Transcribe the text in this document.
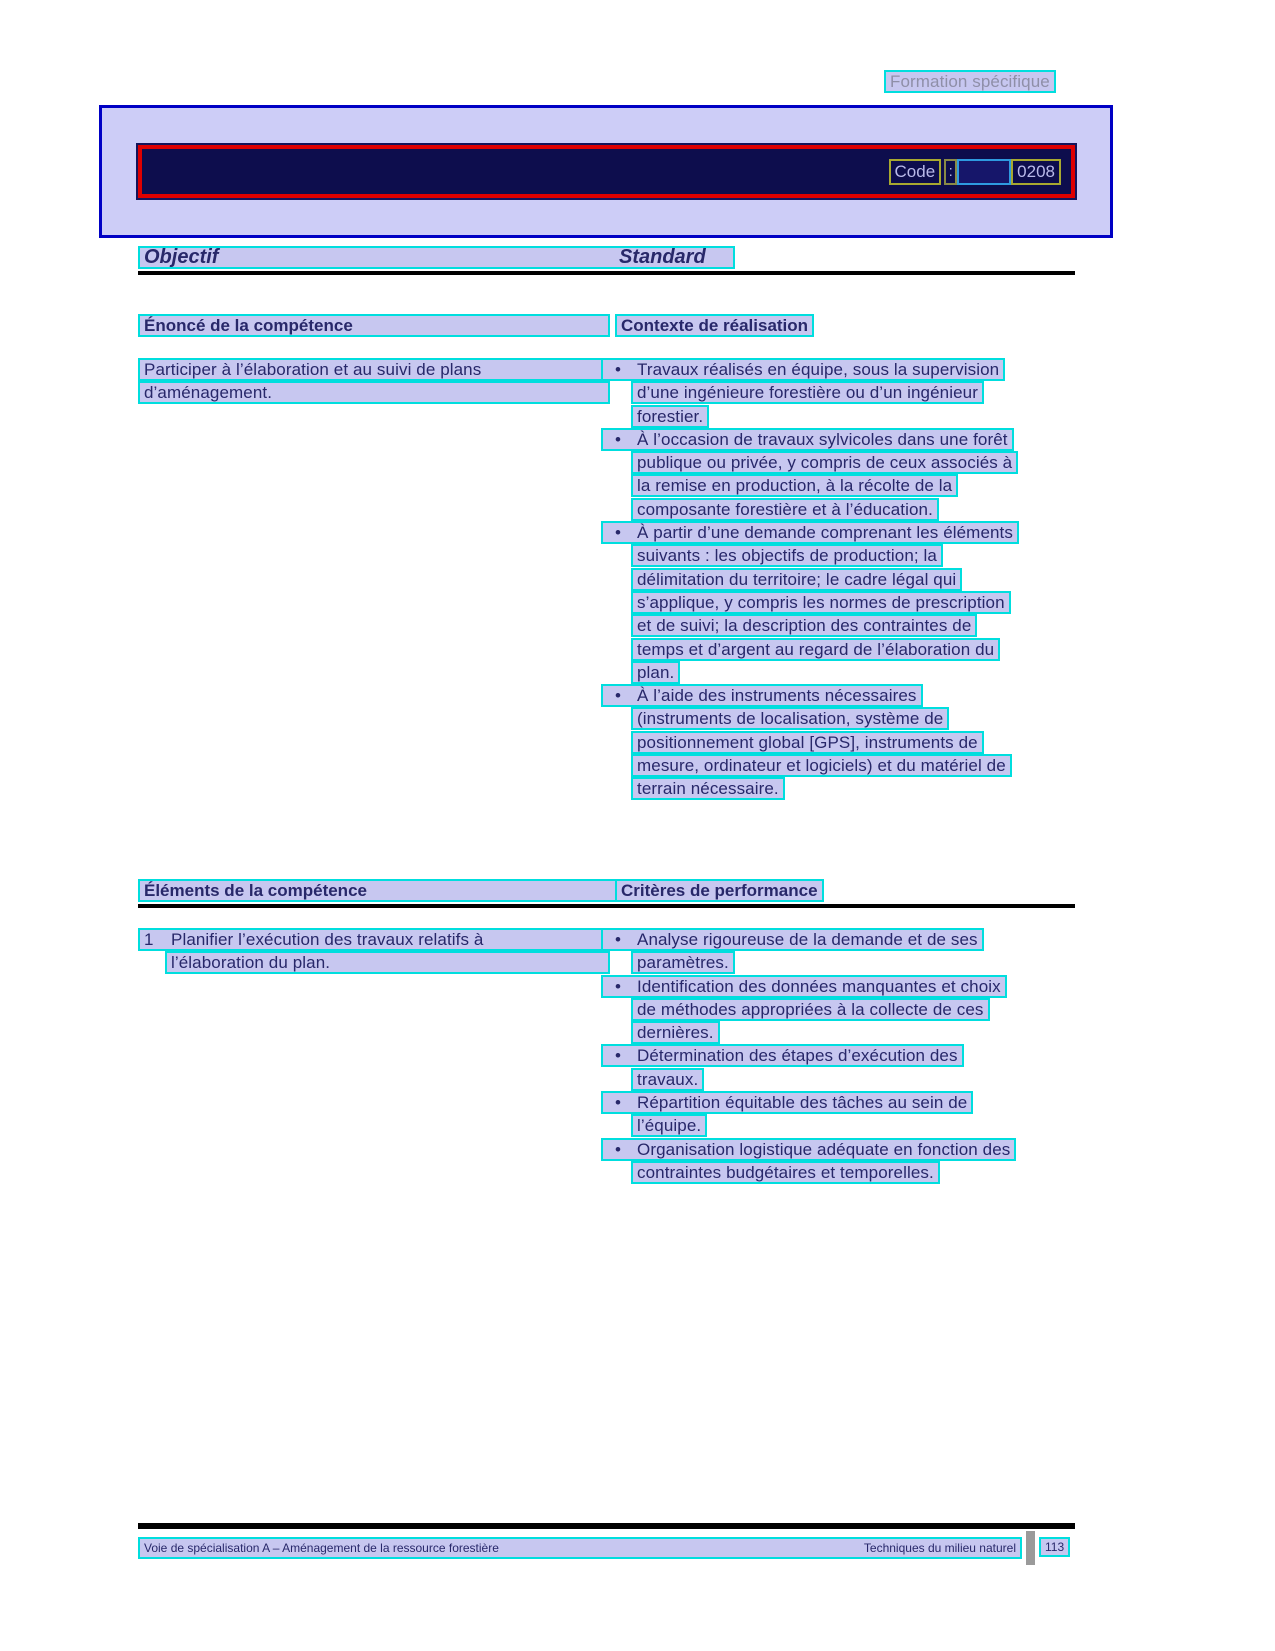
Formation spécifique
Code :	0208
Objectif	Standard
Énoncé de la compétence	Contexte de réalisation
Participer à l’élaboration et au suivi de plans
d’aménagement.
• Travaux réalisés en équipe, sous la supervision
d’une ingénieure forestière ou d’un ingénieur
forestier.
• À l’occasion de travaux sylvicoles dans une forêt
publique ou privée, y compris de ceux associés à
la remise en production, à la récolte de la
composante forestière et à l’éducation.
• À partir d’une demande comprenant les éléments
suivants : les objectifs de production; la
délimitation du territoire; le cadre légal qui
s’applique, y compris les normes de prescription
et de suivi; la description des contraintes de
temps et d’argent au regard de l’élaboration du
plan.
• À l’aide des instruments nécessaires
(instruments de localisation, système de
positionnement global [GPS], instruments de
mesure, ordinateur et logiciels) et du matériel de
terrain nécessaire.
Éléments de la compétence	Critères de performance
1 Planifier l’exécution des travaux relatifs à
l’élaboration du plan.
• Analyse rigoureuse de la demande et de ses
paramètres.
• Identification des données manquantes et choix
de méthodes appropriées à la collecte de ces
dernières.
• Détermination des étapes d’exécution des
travaux.
• Répartition équitable des tâches au sein de
l’équipe.
• Organisation logistique adéquate en fonction des
contraintes budgétaires et temporelles.
Voie de spécialisation A – Aménagement de la ressource forestière	Techniques du milieu naturel	113
